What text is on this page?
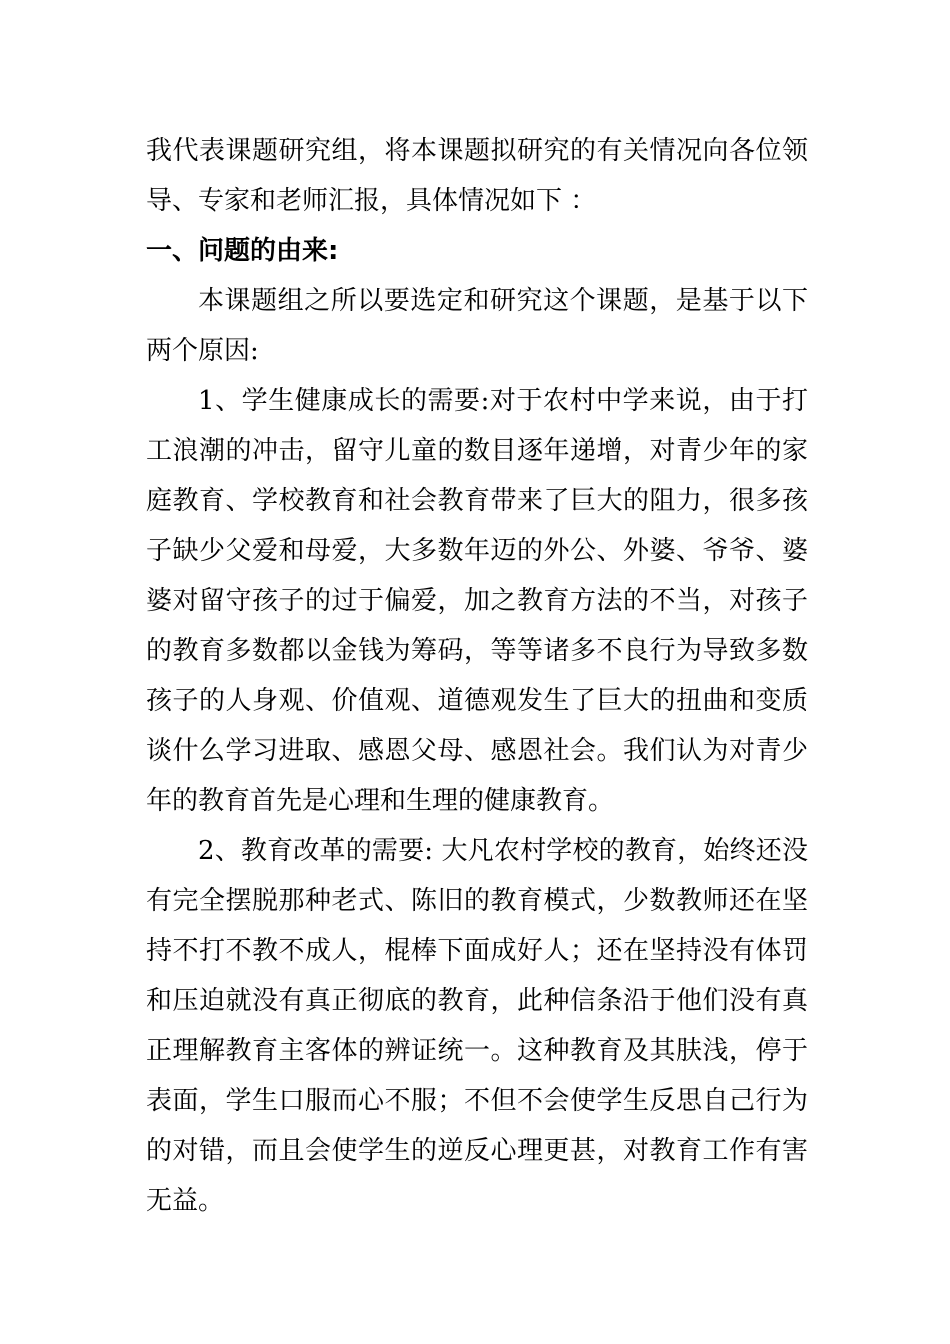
我代表课题研究组，将本课题拟研究的有关情况向各位领导、专家和老师汇报，具体情况如下 ：

一、问题的由来:

本课题组之所以要选定和研究这个课题，是基于以下两个原因:

1、学生健康成长的需要:对于农村中学来说，由于打工浪潮的冲击，留守儿童的数目逐年递增，对青少年的家庭教育、学校教育和社会教育带来了巨大的阻力，很多孩子缺少父爱和母爱，大多数年迈的外公、外婆、爷爷、婆婆对留守孩子的过于偏爱，加之教育方法的不当，对孩子的教育多数都以金钱为筹码，等等诸多不良行为导致多数孩子的人身观、价值观、道德观发生了巨大的扭曲和变质谈什么学习进取、感恩父母、感恩社会。我们认为对青少年的教育首先是心理和生理的健康教育。

2、教育改革的需要: 大凡农村学校的教育，始终还没有完全摆脱那种老式、陈旧的教育模式，少数教师还在坚持不打不教不成人，棍棒下面成好人；还在坚持没有体罚和压迫就没有真正彻底的教育，此种信条沿于他们没有真正理解教育主客体的辨证统一。这种教育及其肤浅，停于表面，学生口服而心不服；不但不会使学生反思自己行为的对错，而且会使学生的逆反心理更甚，对教育工作有害无益。
